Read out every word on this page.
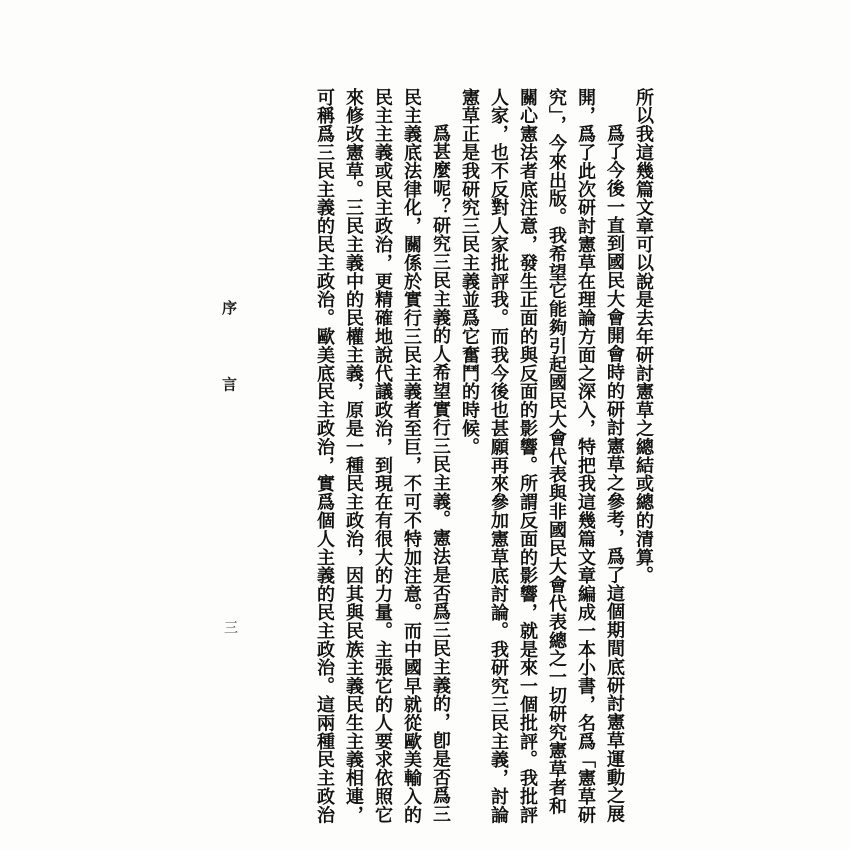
所以我這幾篇文章可以說是去年研討憲草之總結或總的清算。
爲了今後一直到國民大會開會時的研討憲草之參考，爲了這個期間底研討憲草運動之展
開，爲了此次研討憲草在理論方面之深入，特把我這幾篇文章編成一本小書，名爲「憲草研
究」，今來出版。我希望它能夠引起國民大會代表與非國民大會代表總之一切研究憲草者和
關心憲法者底注意，發生正面的與反面的影響。所謂反面的影響，就是來一個批評。我批評
人家，也不反對人家批評我。而我今後也甚願再來參加憲草底討論。我研究三民主義，討論
憲草正是我研究三民主義並爲它奮鬥的時候。
爲甚麼呢？研究三民主義的人希望實行三民主義。憲法是否爲三民主義的，卽是否爲三
民主義底法律化，關係於實行三民主義者至巨，不可不特加注意。而中國早就從歐美輸入的
民主主義或民主政治，更精確地說代議政治，到現在有很大的力量。主張它的人要求依照它
來修改憲草。三民主義中的民權主義，原是一種民主政治，因其與民族主義民生主義相連，
可稱爲三民主義的民主政治。歐美底民主政治，實爲個人主義的民主政治。這兩種民主政治
序 言
三
